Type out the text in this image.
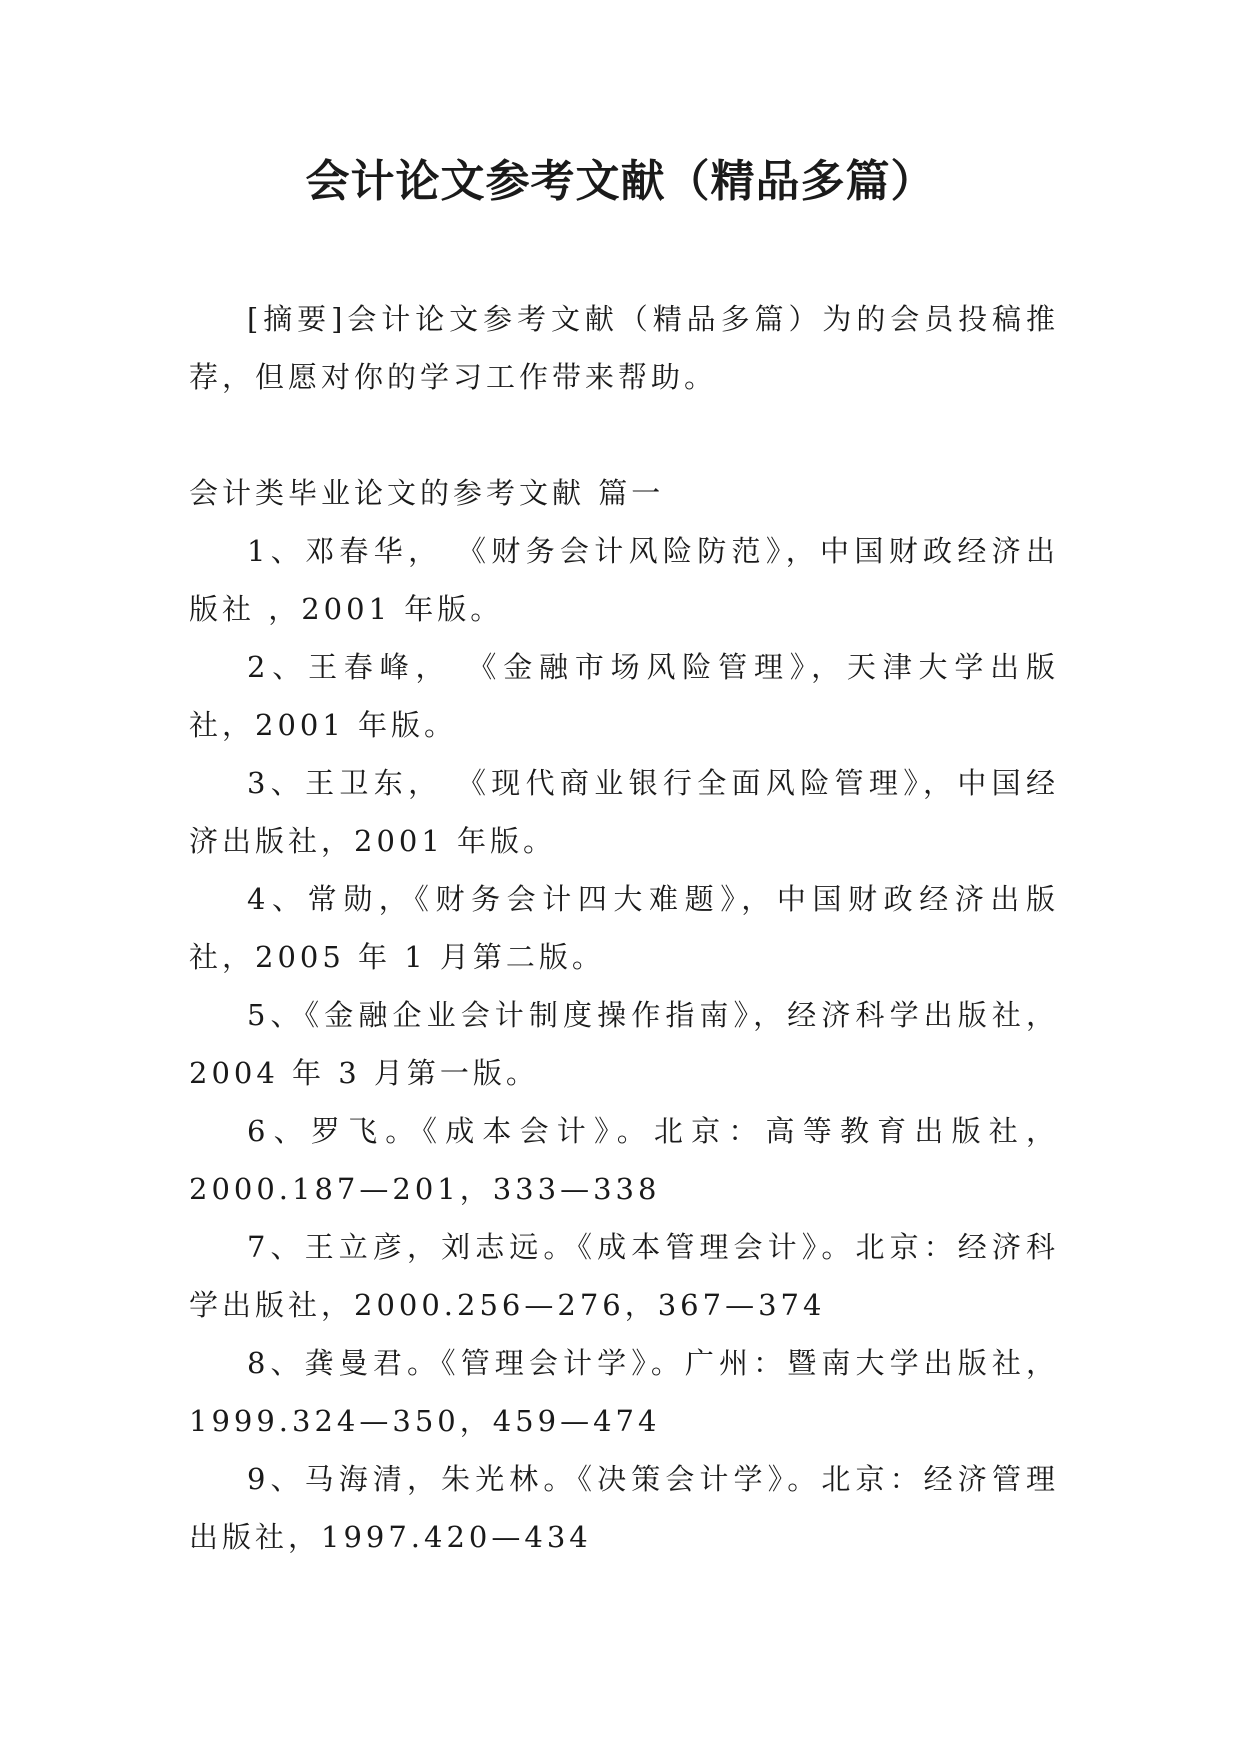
会计论文参考文献（精品多篇）

[摘要]会计论文参考文献（精品多篇）为的会员投稿推荐，但愿对你的学习工作带来帮助。

会计类毕业论文的参考文献 篇一

1、邓春华， 《财务会计风险防范》，中国财政经济出版社 ，2001 年版。

2、王春峰， 《金融市场风险管理》，天津大学出版社，2001 年版。

3、王卫东， 《现代商业银行全面风险管理》，中国经济出版社，2001 年版。

4、常勋，《财务会计四大难题》，中国财政经济出版社，2005 年 1 月第二版。

5、《金融企业会计制度操作指南》，经济科学出版社，2004 年 3 月第一版。

6、罗飞。《成本会计》。北京：高等教育出版社，2000.187—201，333—338

7、王立彦，刘志远。《成本管理会计》。北京：经济科学出版社，2000.256—276，367—374

8、龚曼君。《管理会计学》。广州：暨南大学出版社，1999.324—350，459—474

9、马海清，朱光林。《决策会计学》。北京：经济管理出版社，1997.420—434
